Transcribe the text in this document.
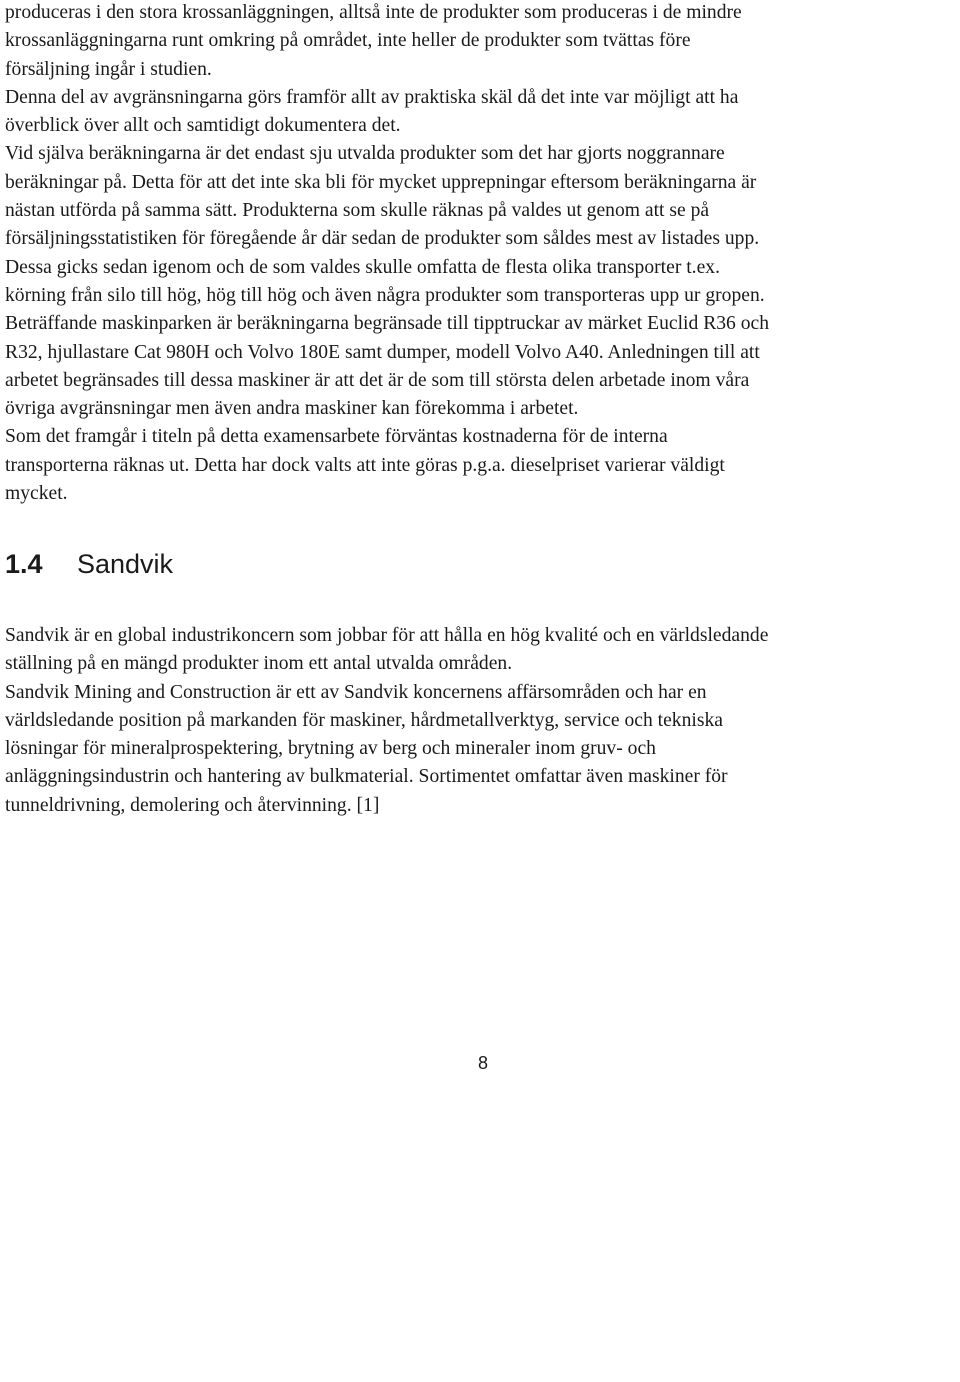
produceras i den stora krossanläggningen, alltså inte de produkter som produceras i de mindre
krossanläggningarna runt omkring på området, inte heller de produkter som tvättas före
försäljning ingår i studien.
Denna del av avgränsningarna görs framför allt av praktiska skäl då det inte var möjligt att ha
överblick över allt och samtidigt dokumentera det.
Vid själva beräkningarna är det endast sju utvalda produkter som det har gjorts noggrannare
beräkningar på. Detta för att det inte ska bli för mycket upprepningar eftersom beräkningarna är
nästan utförda på samma sätt. Produkterna som skulle räknas på valdes ut genom att se på
försäljningsstatistiken för föregående år där sedan de produkter som såldes mest av listades upp.
Dessa gicks sedan igenom och de som valdes skulle omfatta de flesta olika transporter t.ex.
körning från silo till hög, hög till hög och även några produkter som transporteras upp ur gropen.
Beträffande maskinparken är beräkningarna begränsade till tipptruckar av märket Euclid R36 och
R32, hjullastare Cat 980H och Volvo 180E samt dumper, modell Volvo A40. Anledningen till att
arbetet begränsades till dessa maskiner är att det är de som till största delen arbetade inom våra
övriga avgränsningar men även andra maskiner kan förekomma i arbetet.
Som det framgår i titeln på detta examensarbete förväntas kostnaderna för de interna
transporterna räknas ut. Detta har dock valts att inte göras p.g.a. dieselpriset varierar väldigt
mycket.
1.4 Sandvik
Sandvik är en global industrikoncern som jobbar för att hålla en hög kvalité och en världsledande
ställning på en mängd produkter inom ett antal utvalda områden.
Sandvik Mining and Construction är ett av Sandvik koncernens affärsområden och har en
världsledande position på markanden för maskiner, hårdmetallverktyg, service och tekniska
lösningar för mineralprospektering, brytning av berg och mineraler inom gruv- och
anläggningsindustrin och hantering av bulkmaterial. Sortimentet omfattar även maskiner för
tunneldrivning, demolering och återvinning. [1]
8
